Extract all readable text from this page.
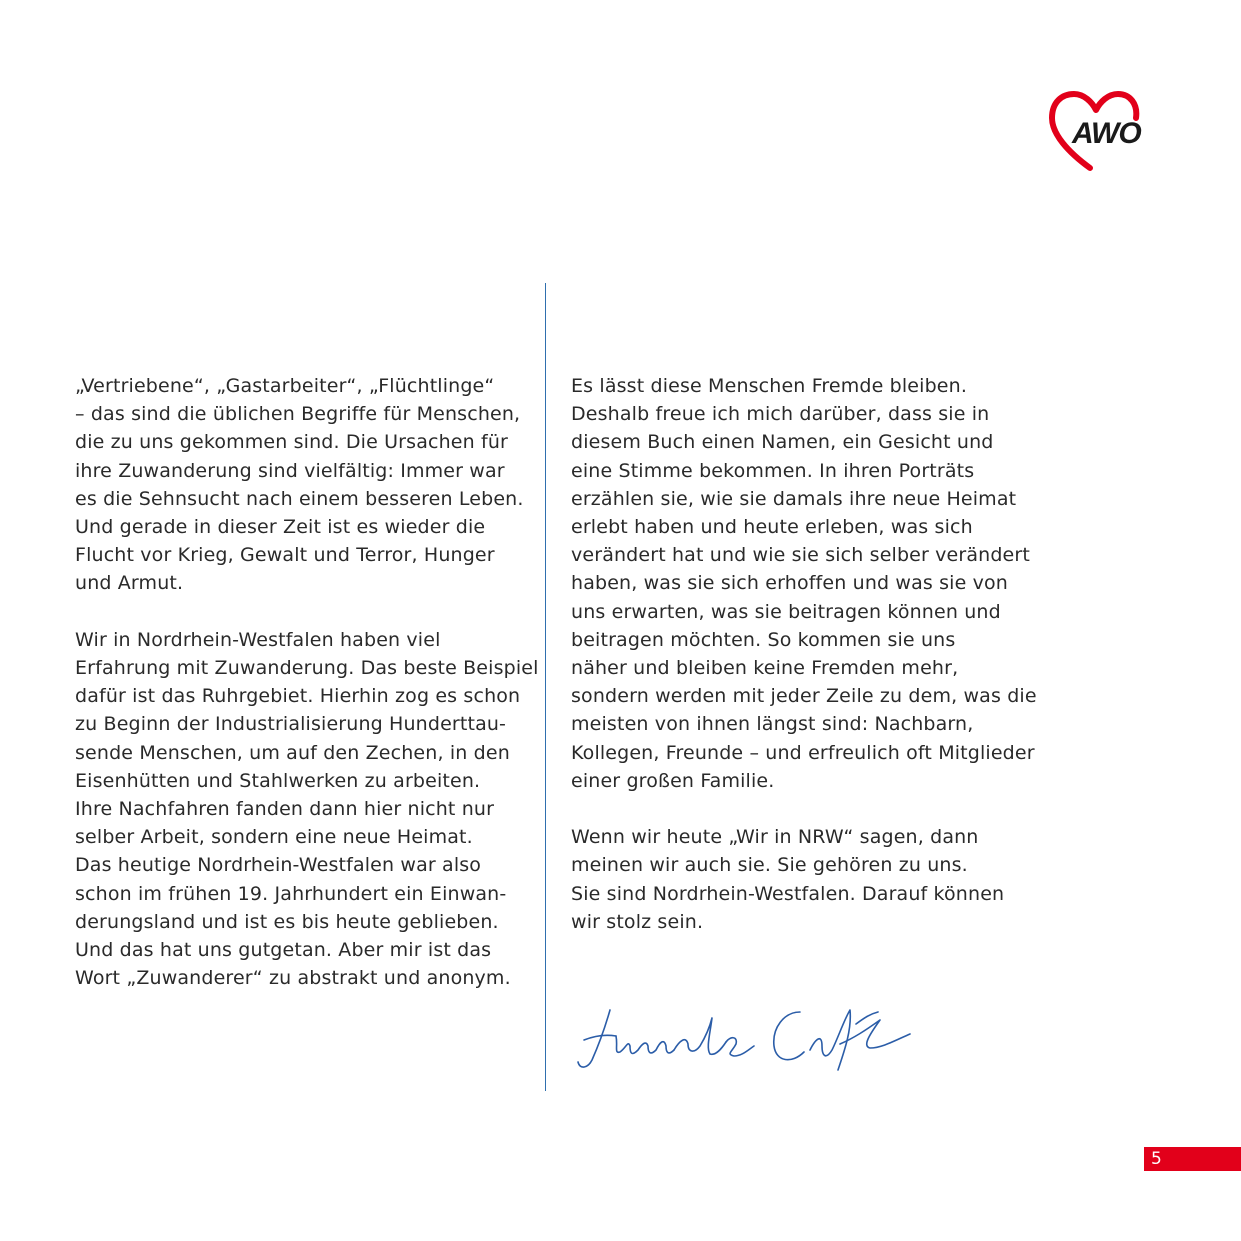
AWO

„Vertriebene“, „Gastarbeiter“, „Flüchtlinge“
– das sind die üblichen Begriffe für Menschen,
die zu uns gekommen sind. Die Ursachen für
ihre Zuwanderung sind vielfältig: Immer war
es die Sehnsucht nach einem besseren Leben.
Und gerade in dieser Zeit ist es wieder die
Flucht vor Krieg, Gewalt und Terror, Hunger
und Armut.

Wir in Nordrhein-Westfalen haben viel
Erfahrung mit Zuwanderung. Das beste Beispiel
dafür ist das Ruhrgebiet. Hierhin zog es schon
zu Beginn der Industrialisierung Hunderttau-
sende Menschen, um auf den Zechen, in den
Eisenhütten und Stahlwerken zu arbeiten.
Ihre Nachfahren fanden dann hier nicht nur
selber Arbeit, sondern eine neue Heimat.
Das heutige Nordrhein-Westfalen war also
schon im frühen 19. Jahrhundert ein Einwan-
derungsland und ist es bis heute geblieben.
Und das hat uns gutgetan. Aber mir ist das
Wort „Zuwanderer“ zu abstrakt und anonym.

Es lässt diese Menschen Fremde bleiben.
Deshalb freue ich mich darüber, dass sie in
diesem Buch einen Namen, ein Gesicht und
eine Stimme bekommen. In ihren Porträts
erzählen sie, wie sie damals ihre neue Heimat
erlebt haben und heute erleben, was sich
verändert hat und wie sie sich selber verändert
haben, was sie sich erhoffen und was sie von
uns erwarten, was sie beitragen können und
beitragen möchten. So kommen sie uns
näher und bleiben keine Fremden mehr,
sondern werden mit jeder Zeile zu dem, was die
meisten von ihnen längst sind: Nachbarn,
Kollegen, Freunde – und erfreulich oft Mitglieder
einer großen Familie.

Wenn wir heute „Wir in NRW“ sagen, dann
meinen wir auch sie. Sie gehören zu uns.
Sie sind Nordrhein-Westfalen. Darauf können
wir stolz sein.

5
